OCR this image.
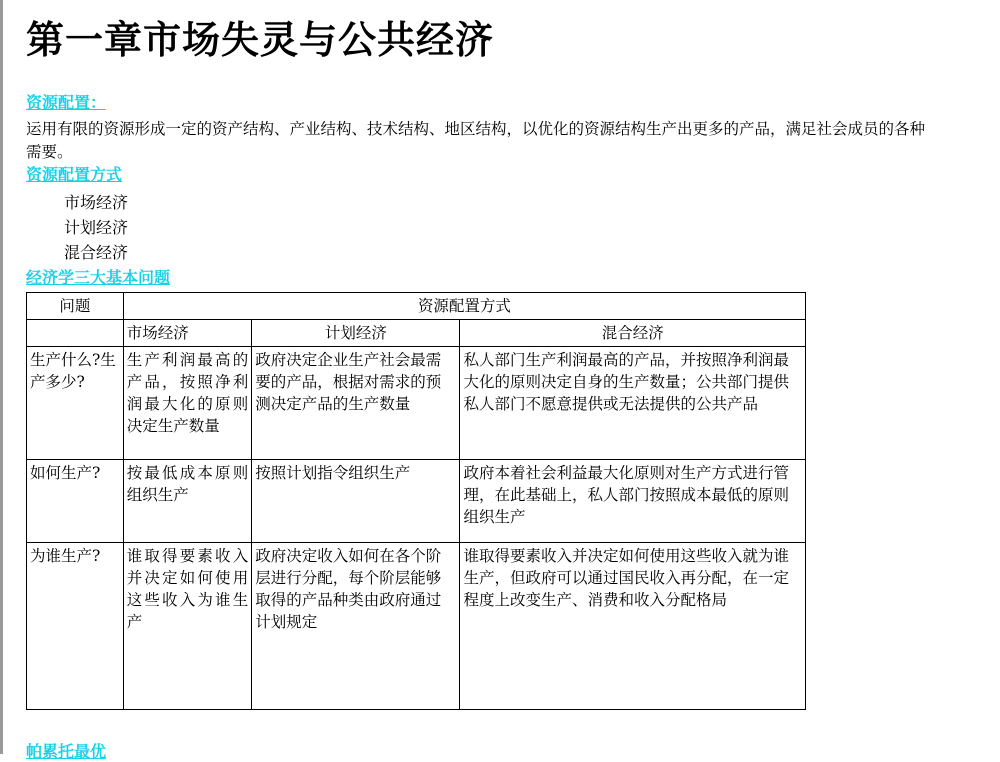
第一章市场失灵与公共经济
资源配置：
运用有限的资源形成一定的资产结构、产业结构、技术结构、地区结构，以优化的资源结构生产出更多的产品，满足社会成员的各种需要。
资源配置方式
市场经济
计划经济
混合经济
经济学三大基本问题
问题	资源配置方式		
	市场经济	计划经济	混合经济
生产什么?生产多少?	生产利润最高的产品，按照净利润最大化的原则决定生产数量	政府决定企业生产社会最需要的产品，根据对需求的预测决定产品的生产数量	私人部门生产利润最高的产品，并按照净利润最大化的原则决定自身的生产数量；公共部门提供私人部门不愿意提供或无法提供的公共产品
如何生产?	按最低成本原则组织生产	按照计划指令组织生产	政府本着社会利益最大化原则对生产方式进行管理，在此基础上，私人部门按照成本最低的原则组织生产
为谁生产?	谁取得要素收入并决定如何使用这些收入为谁生产	政府决定收入如何在各个阶层进行分配，每个阶层能够取得的产品种类由政府通过计划规定	谁取得要素收入并决定如何使用这些收入就为谁生产，但政府可以通过国民收入再分配，在一定程度上改变生产、消费和收入分配格局
帕累托最优
